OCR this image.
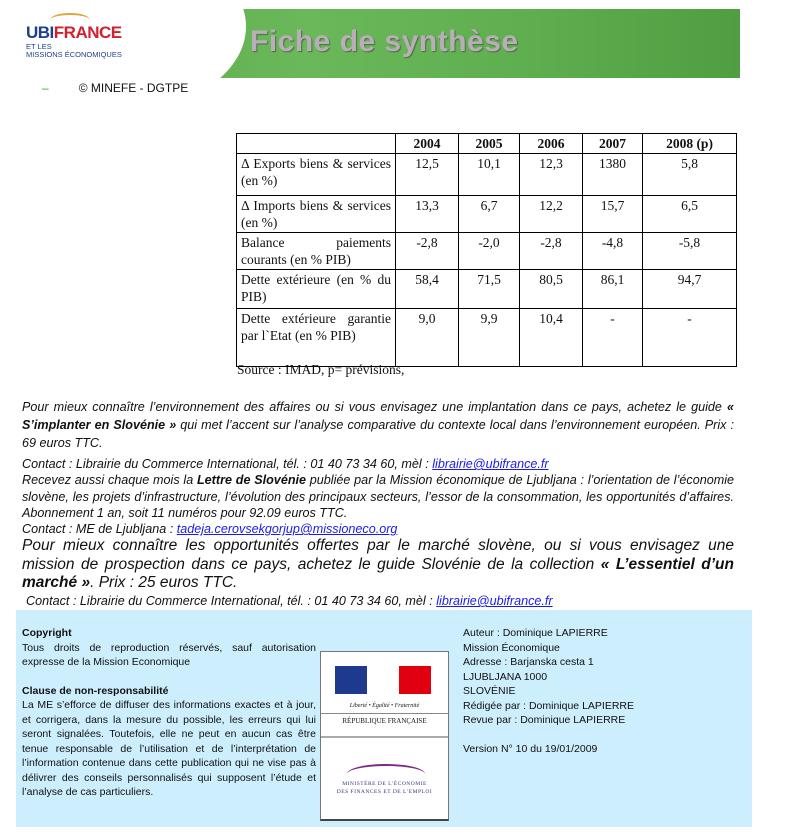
UBIFRANCE
ET LES
MISSIONS ÉCONOMIQUES	Fiche de synthèse
–	© MINEFE - DGTPE
	2004	2005	2006	2007	2008 (p)
Δ Exports biens & services (en %)	12,5	10,1	12,3	1380	5,8
Δ Imports biens & services (en %)	13,3	6,7	12,2	15,7	6,5
Balance paiements courants (en % PIB)	-2,8	-2,0	-2,8	-4,8	-5,8
Dette extérieure (en % du PIB)	58,4	71,5	80,5	86,1	94,7
Dette extérieure garantie par l`Etat (en % PIB)	9,0	9,9	10,4	-	-
Source : IMAD, p= prévisions,
Pour mieux connaître l’environnement des affaires ou si vous envisagez une implantation dans ce pays, achetez le guide « S’implanter en Slovénie » qui met l’accent sur l’analyse comparative du contexte local dans l’environnement européen. Prix : 69 euros TTC.
Contact : Librairie du Commerce International, tél. : 01 40 73 34 60, mèl : librairie@ubifrance.fr
Recevez aussi chaque mois la Lettre de Slovénie publiée par la Mission économique de Ljubljana : l’orientation de l’économie slovène, les projets d’infrastructure, l’évolution des principaux secteurs, l’essor de la consommation, les opportunités d’affaires. Abonnement 1 an, soit 11 numéros pour 92.09 euros TTC.
Contact : ME de Ljubljana : tadeja.cerovsekgorjup@missioneco.org
Pour mieux connaître les opportunités offertes par le marché slovène, ou si vous envisagez une mission de prospection dans ce pays, achetez le guide Slovénie de la collection « L’essentiel d’un marché ». Prix : 25 euros TTC.
Contact : Librairie du Commerce International, tél. : 01 40 73 34 60, mèl : librairie@ubifrance.fr
Copyright
Tous droits de reproduction réservés, sauf autorisation expresse de la Mission Economique
Clause de non-responsabilité
La ME s’efforce de diffuser des informations exactes et à jour, et corrigera, dans la mesure du possible, les erreurs qui lui seront signalées. Toutefois, elle ne peut en aucun cas être tenue responsable de l’utilisation et de l’interprétation de l’information contenue dans cette publication qui ne vise pas à délivrer des conseils personnalisés qui supposent l’étude et l’analyse de cas particuliers.
Liberté • Égalité • Fraternité
RÉPUBLIQUE FRANÇAISE
MINISTÈRE DE L’ÉCONOMIE
DES FINANCES ET DE L’EMPLOI
Auteur : Dominique LAPIERRE
Mission Économique
Adresse : Barjanska cesta 1
LJUBLJANA 1000
SLOVÉNIE
Rédigée par : Dominique LAPIERRE
Revue par : Dominique LAPIERRE
Version N° 10 du 19/01/2009
